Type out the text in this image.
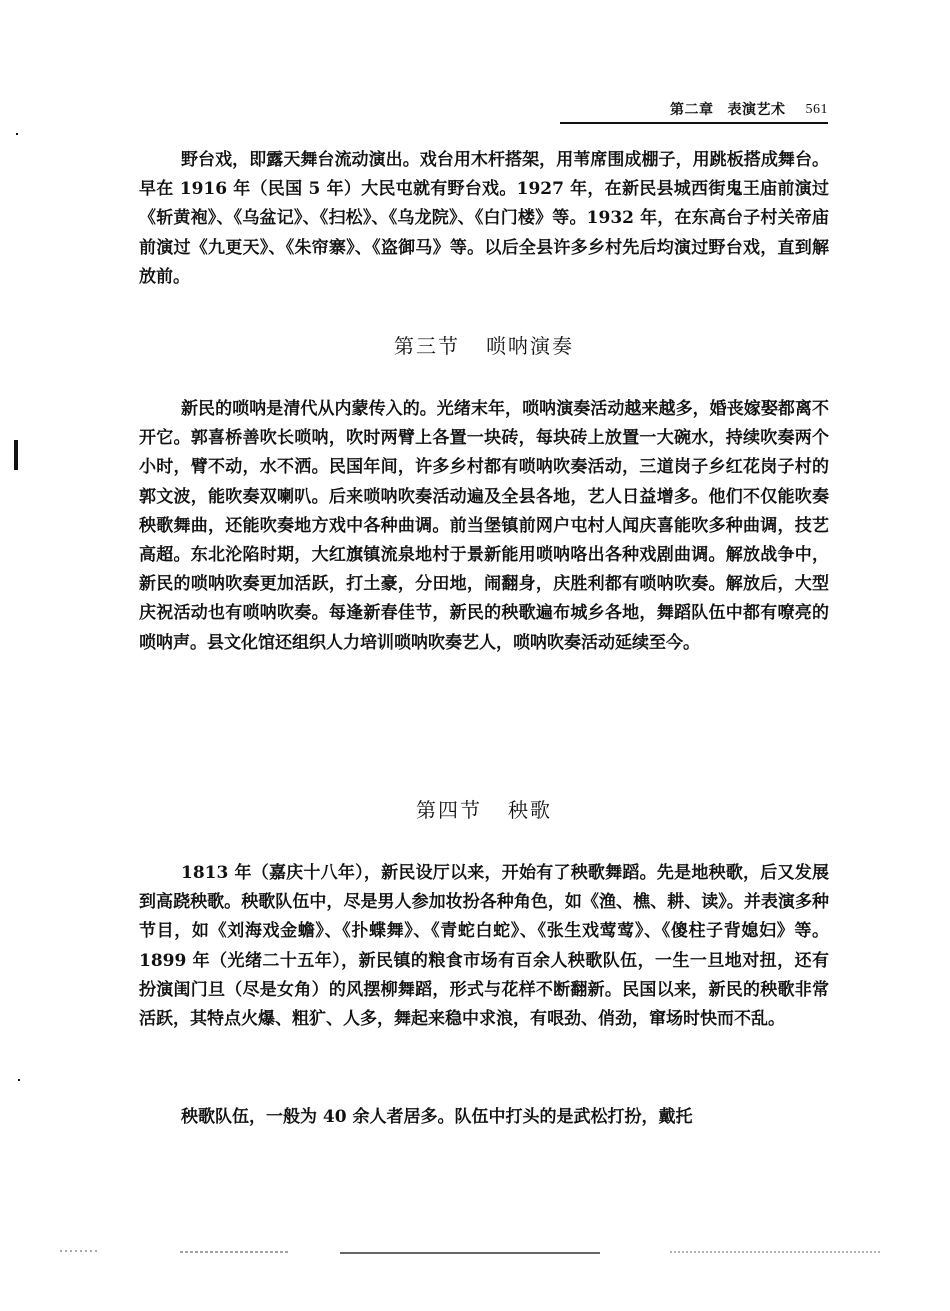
第二章 表演艺术 561

野台戏，即露天舞台流动演出。戏台用木杆搭架，用苇席围成棚子，用跳板搭成舞台。早在 1916 年（民国 5 年）大民屯就有野台戏。1927 年，在新民县城西街鬼王庙前演过《斩黄袍》、《乌盆记》、《扫松》、《乌龙院》、《白门楼》等。1932 年，在东高台子村关帝庙前演过《九更天》、《朱帘寨》、《盗御马》等。以后全县许多乡村先后均演过野台戏，直到解放前。

第三节 唢呐演奏

新民的唢呐是清代从内蒙传入的。光绪末年，唢呐演奏活动越来越多，婚丧嫁娶都离不开它。郭喜桥善吹长唢呐，吹时两臂上各置一块砖，每块砖上放置一大碗水，持续吹奏两个小时，臂不动，水不洒。民国年间，许多乡村都有唢呐吹奏活动，三道岗子乡红花岗子村的郭文波，能吹奏双喇叭。后来唢呐吹奏活动遍及全县各地，艺人日益增多。他们不仅能吹奏秧歌舞曲，还能吹奏地方戏中各种曲调。前当堡镇前网户屯村人闻庆喜能吹多种曲调，技艺高超。东北沦陷时期，大红旗镇流泉地村于景新能用唢呐咯出各种戏剧曲调。解放战争中，新民的唢呐吹奏更加活跃，打土豪，分田地，闹翻身，庆胜利都有唢呐吹奏。解放后，大型庆祝活动也有唢呐吹奏。每逢新春佳节，新民的秧歌遍布城乡各地，舞蹈队伍中都有嘹亮的唢呐声。县文化馆还组织人力培训唢呐吹奏艺人，唢呐吹奏活动延续至今。

第四节 秧歌

1813 年（嘉庆十八年），新民设厅以来，开始有了秧歌舞蹈。先是地秧歌，后又发展到高跷秧歌。秧歌队伍中，尽是男人参加妆扮各种角色，如《渔、樵、耕、读》。并表演多种节目，如《刘海戏金蟾》、《扑蝶舞》、《青蛇白蛇》、《张生戏莺莺》、《傻柱子背媳妇》等。1899 年（光绪二十五年），新民镇的粮食市场有百余人秧歌队伍，一生一旦地对扭，还有扮演闺门旦（尽是女角）的风摆柳舞蹈，形式与花样不断翻新。民国以来，新民的秧歌非常活跃，其特点火爆、粗犷、人多，舞起来稳中求浪，有哏劲、俏劲，窜场时快而不乱。

秧歌队伍，一般为 40 余人者居多。队伍中打头的是武松打扮，戴托
